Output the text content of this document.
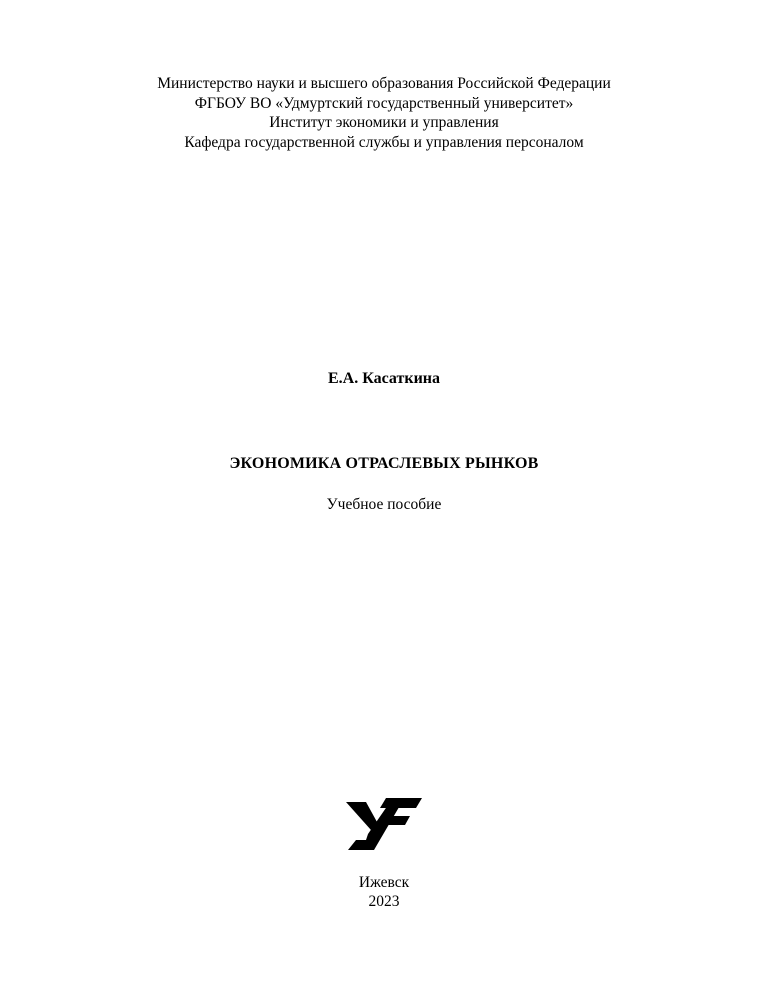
Министерство науки и высшего образования Российской Федерации
ФГБОУ ВО «Удмуртский государственный университет»
Институт экономики и управления
Кафедра государственной службы и управления персоналом
Е.А. Касаткина
ЭКОНОМИКА ОТРАСЛЕВЫХ РЫНКОВ
Учебное пособие
Ижевск
2023
